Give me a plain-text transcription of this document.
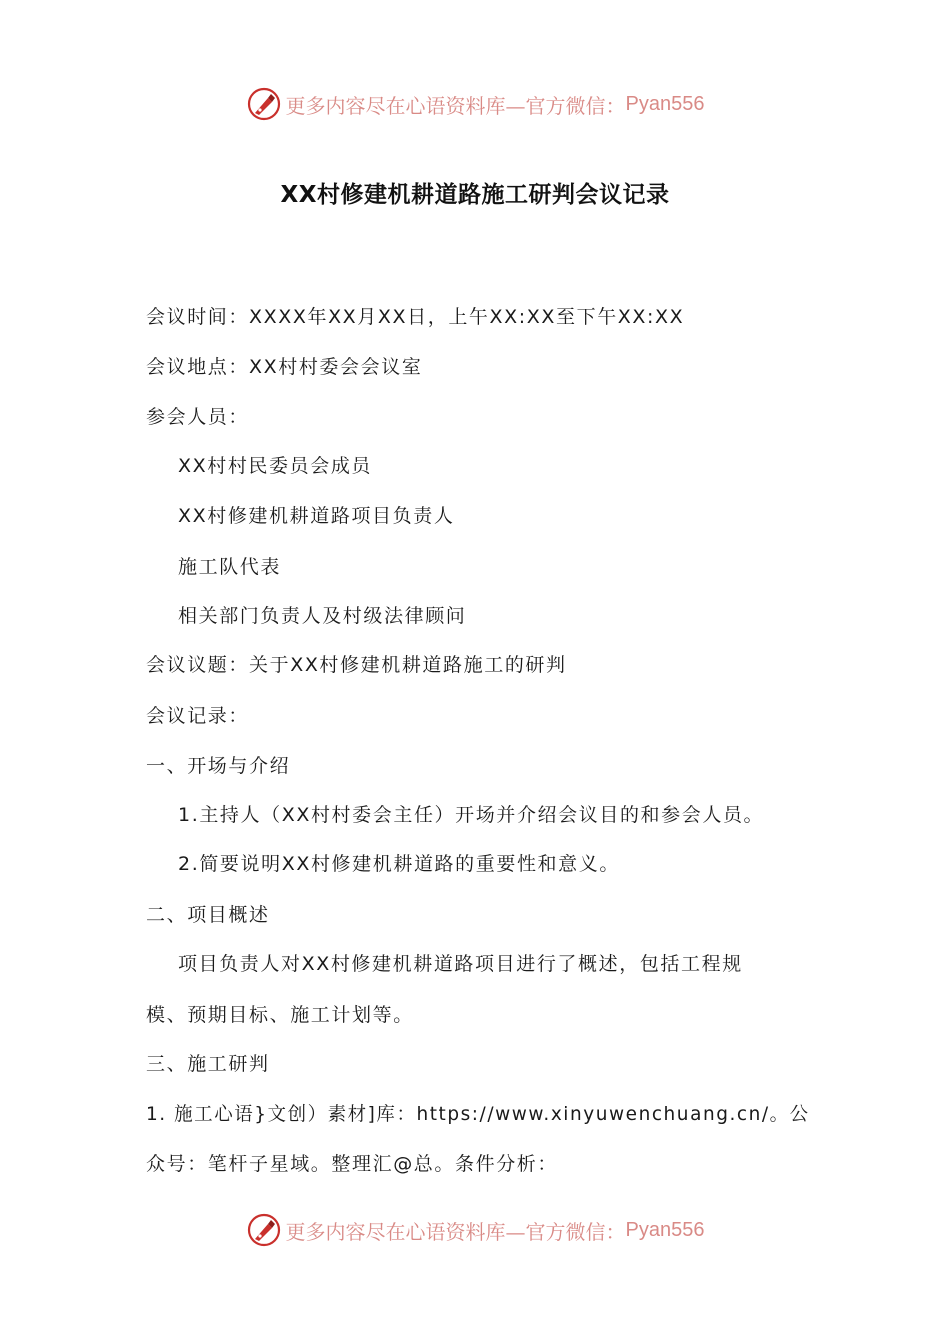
更多内容尽在心语资料库—官方微信： Pyan556
XX村修建机耕道路施工研判会议记录
会议时间：XXXX年XX月XX日，上午XX:XX至下午XX:XX
会议地点：XX村村委会会议室
参会人员：
XX村村民委员会成员
XX村修建机耕道路项目负责人
施工队代表
相关部门负责人及村级法律顾问
会议议题：关于XX村修建机耕道路施工的研判
会议记录：
一、开场与介绍
1.主持人（XX村村委会主任）开场并介绍会议目的和参会人员。
2.简要说明XX村修建机耕道路的重要性和意义。
二、项目概述
项目负责人对XX村修建机耕道路项目进行了概述，包括工程规
模、预期目标、施工计划等。
三、施工研判
1. 施工心语}文创）素材]库：https://www.xinyuwenchuang.cn/。公
众号：笔杆子星域。整理汇@总。条件分析：
更多内容尽在心语资料库—官方微信： Pyan556
